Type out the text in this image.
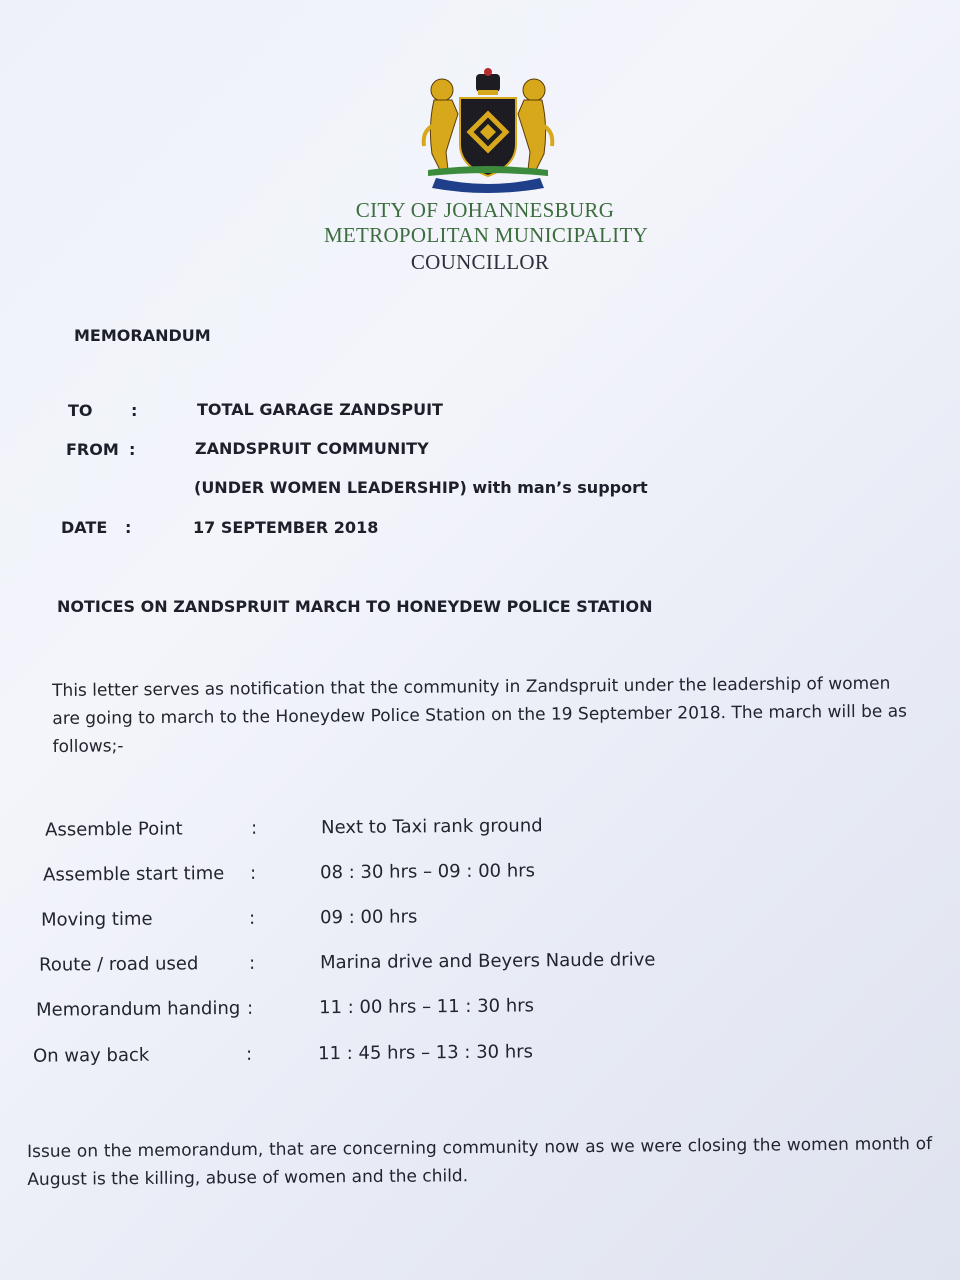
CITY OF JOHANNESBURG
METROPOLITAN MUNICIPALITY
COUNCILLOR
MEMORANDUM
TO :	TOTAL GARAGE ZANDSPUIT
FROM :	ZANDSPRUIT COMMUNITY
(UNDER WOMEN LEADERSHIP) with man’s support
DATE :	17 SEPTEMBER 2018
NOTICES ON ZANDSPRUIT MARCH TO HONEYDEW POLICE STATION
This letter serves as notification that the community in Zandspruit under the leadership of women are going to march to the Honeydew Police Station on the 19 September 2018. The march will be as follows;-
Assemble Point	:	Next to Taxi rank ground
Assemble start time :	08 : 30 hrs – 09 : 00 hrs
Moving time	:	09 : 00 hrs
Route / road used	:	Marina drive and Beyers Naude drive
Memorandum handing :	11 : 00 hrs – 11 : 30 hrs
On way back	:	11 : 45 hrs – 13 : 30 hrs
Issue on the memorandum, that are concerning community now as we were closing the women month of August is the killing, abuse of women and the child.
